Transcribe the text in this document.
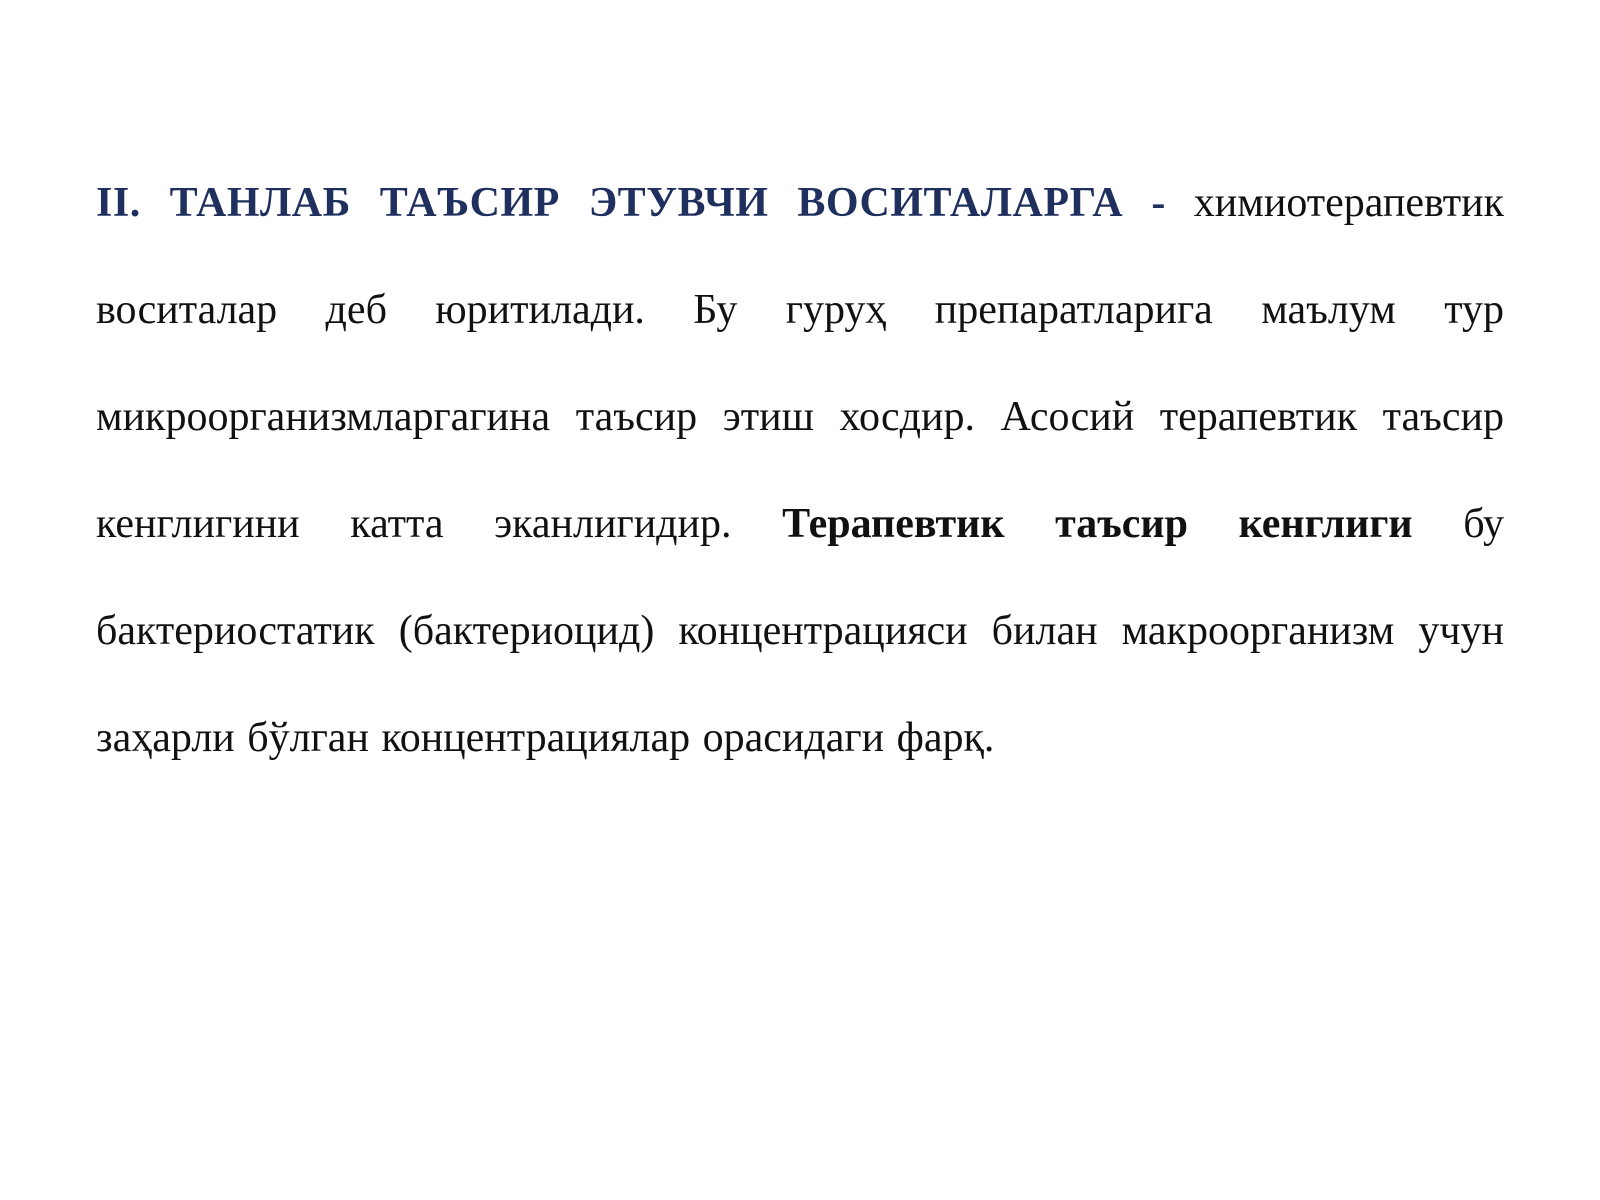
II. ТАНЛАБ ТАЪСИР ЭТУВЧИ ВОСИТАЛАРГА - химиотерапевтик воситалар деб юритилади. Бу гуруҳ препаратларига маълум тур микроорганизмларгагина таъсир этиш хосдир. Асосий терапевтик таъсир кенглигини катта эканлигидир. Терапевтик таъсир кенглиги бу бактериостатик (бактериоцид) концентрацияси билан макроорганизм учун заҳарли бўлган концентрациялар орасидаги фарқ.
